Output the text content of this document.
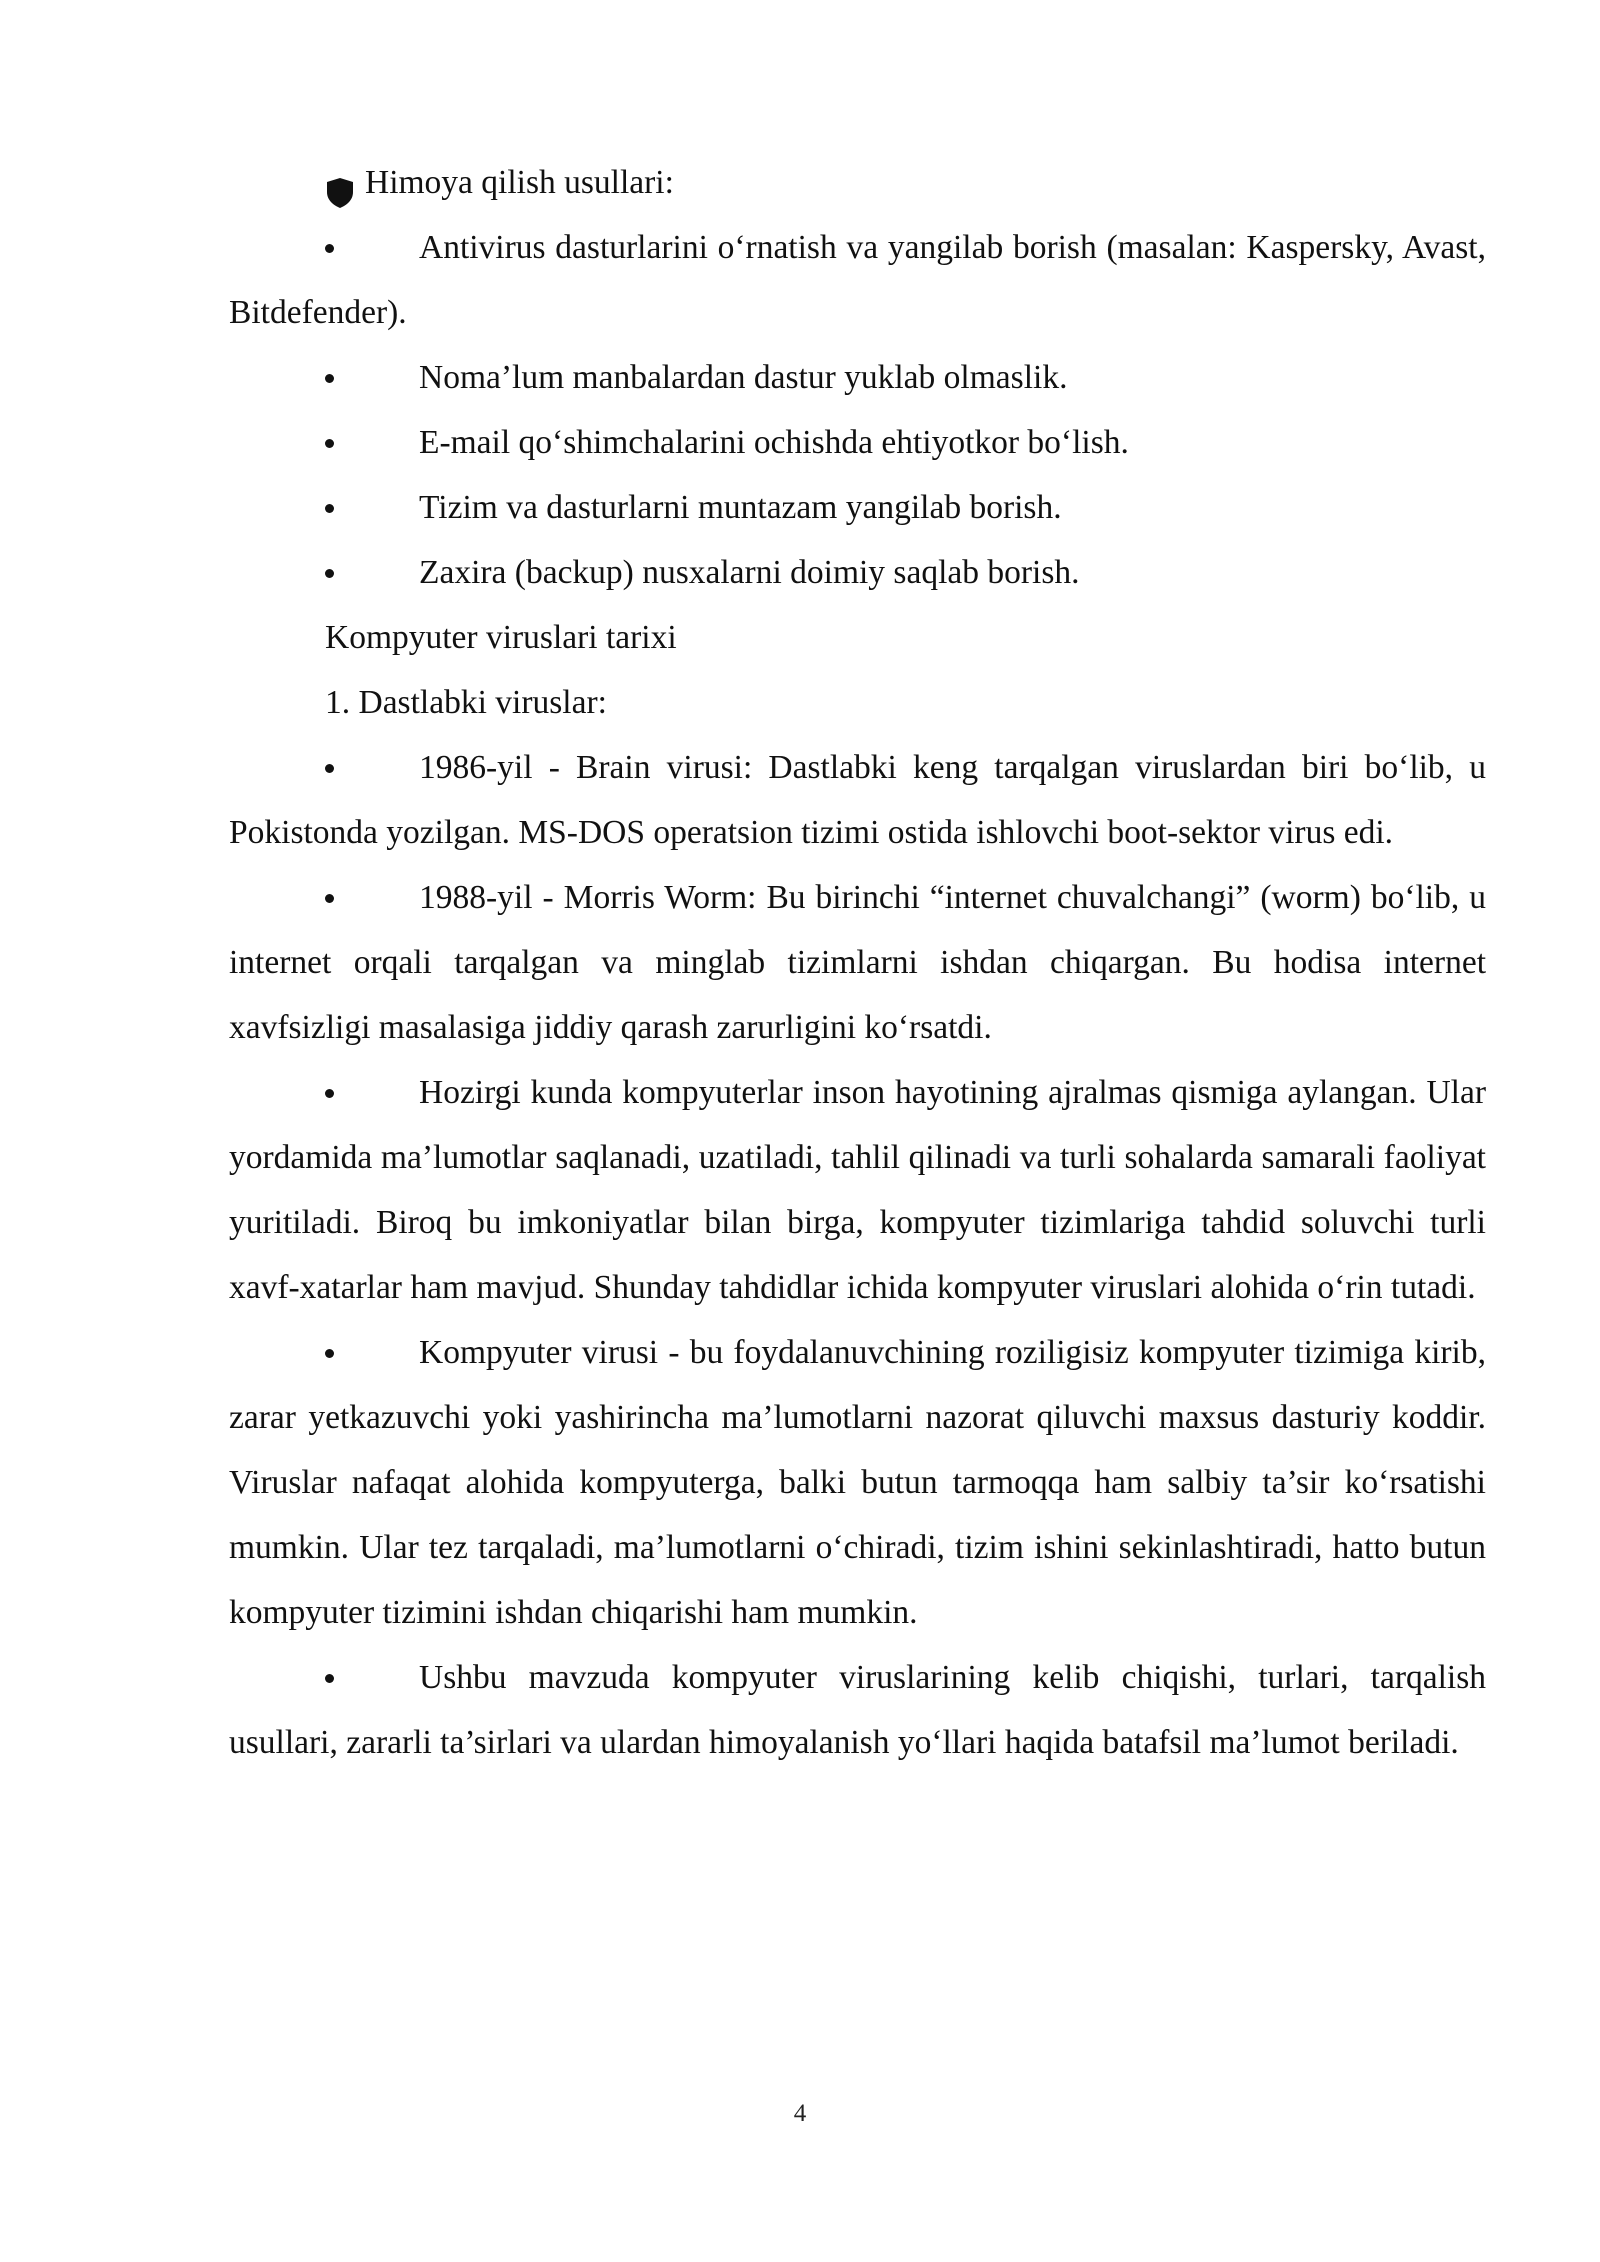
Himoya qilish usullari:
Antivirus dasturlarini o‘rnatish va yangilab borish (masalan: Kaspersky, Avast, Bitdefender).
Noma’lum manbalardan dastur yuklab olmaslik.
E-mail qo‘shimchalarini ochishda ehtiyotkor bo‘lish.
Tizim va dasturlarni muntazam yangilab borish.
Zaxira (backup) nusxalarni doimiy saqlab borish.
Kompyuter viruslari tarixi
1. Dastlabki viruslar:
1986-yil - Brain virusi: Dastlabki keng tarqalgan viruslardan biri bo‘lib, u Pokistonda yozilgan. MS-DOS operatsion tizimi ostida ishlovchi boot-sektor virus edi.
1988-yil - Morris Worm: Bu birinchi “internet chuvalchangi” (worm) bo‘lib, u internet orqali tarqalgan va minglab tizimlarni ishdan chiqargan. Bu hodisa internet xavfsizligi masalasiga jiddiy qarash zarurligini ko‘rsatdi.
Hozirgi kunda kompyuterlar inson hayotining ajralmas qismiga aylangan. Ular yordamida ma’lumotlar saqlanadi, uzatiladi, tahlil qilinadi va turli sohalarda samarali faoliyat yuritiladi. Biroq bu imkoniyatlar bilan birga, kompyuter tizimlariga tahdid soluvchi turli xavf-xatarlar ham mavjud. Shunday tahdidlar ichida kompyuter viruslari alohida o‘rin tutadi.
Kompyuter virusi - bu foydalanuvchining roziligisiz kompyuter tizimiga kirib, zarar yetkazuvchi yoki yashirincha ma’lumotlarni nazorat qiluvchi maxsus dasturiy koddir. Viruslar nafaqat alohida kompyuterga, balki butun tarmoqqa ham salbiy ta’sir ko‘rsatishi mumkin. Ular tez tarqaladi, ma’lumotlarni o‘chiradi, tizim ishini sekinlashtiradi, hatto butun kompyuter tizimini ishdan chiqarishi ham mumkin.
Ushbu mavzuda kompyuter viruslarining kelib chiqishi, turlari, tarqalish usullari, zararli ta’sirlari va ulardan himoyalanish yo‘llari haqida batafsil ma’lumot beriladi.
4
